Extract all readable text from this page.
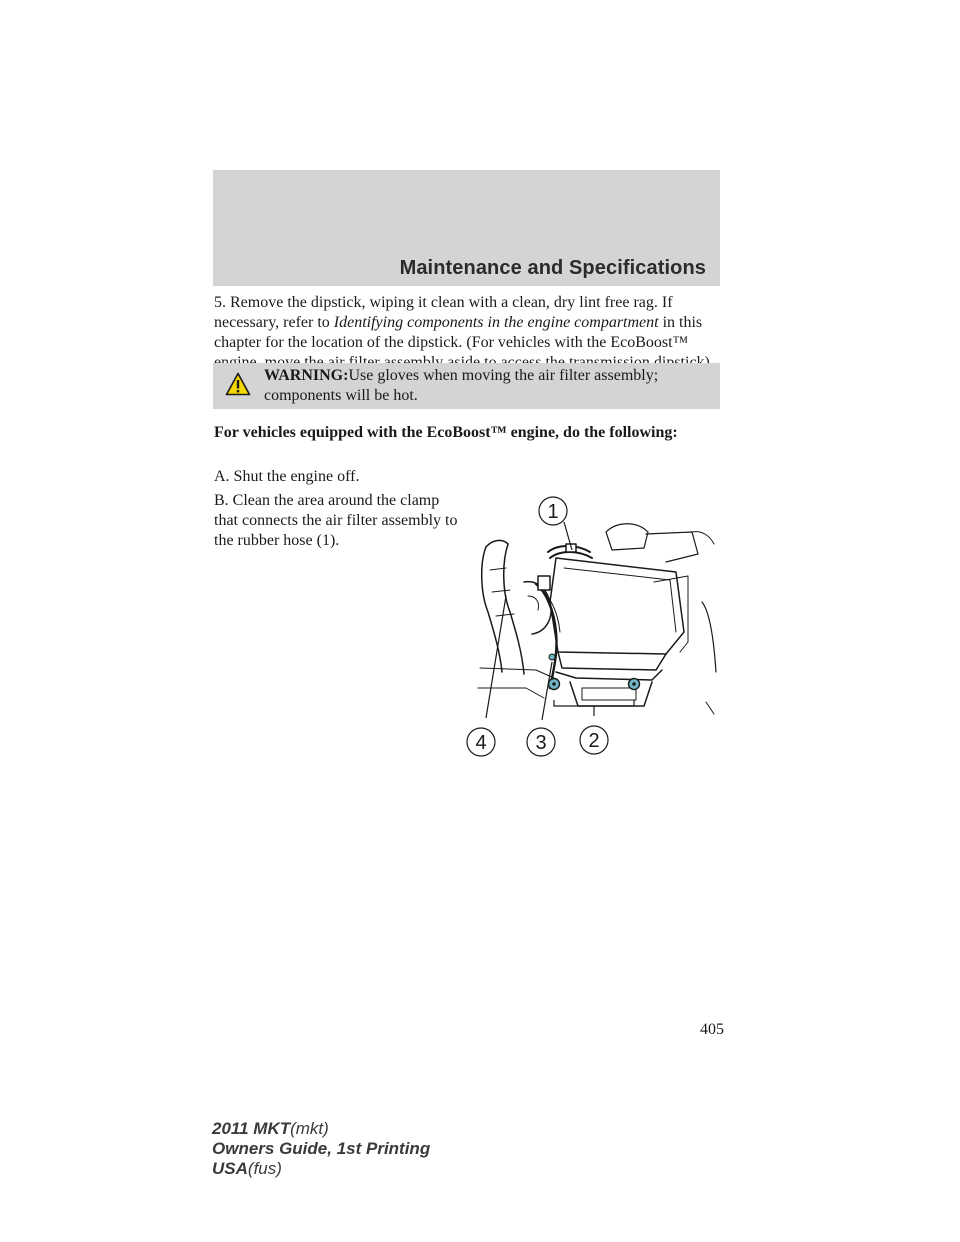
Maintenance and Specifications
5. Remove the dipstick, wiping it clean with a clean, dry lint free rag. If necessary, refer to Identifying components in the engine compartment in this chapter for the location of the dipstick. (For vehicles with the EcoBoost™
WARNING:Use gloves when moving the air filter assembly; components will be hot.
For vehicles equipped with the EcoBoost™ engine, do the following:
A. Shut the engine off.
B. Clean the area around the clamp that connects the air filter assembly to the rubber hose (1).
1
4 3 2
405
2011 MKT(mkt)
Owners Guide, 1st Printing
USA(fus)
